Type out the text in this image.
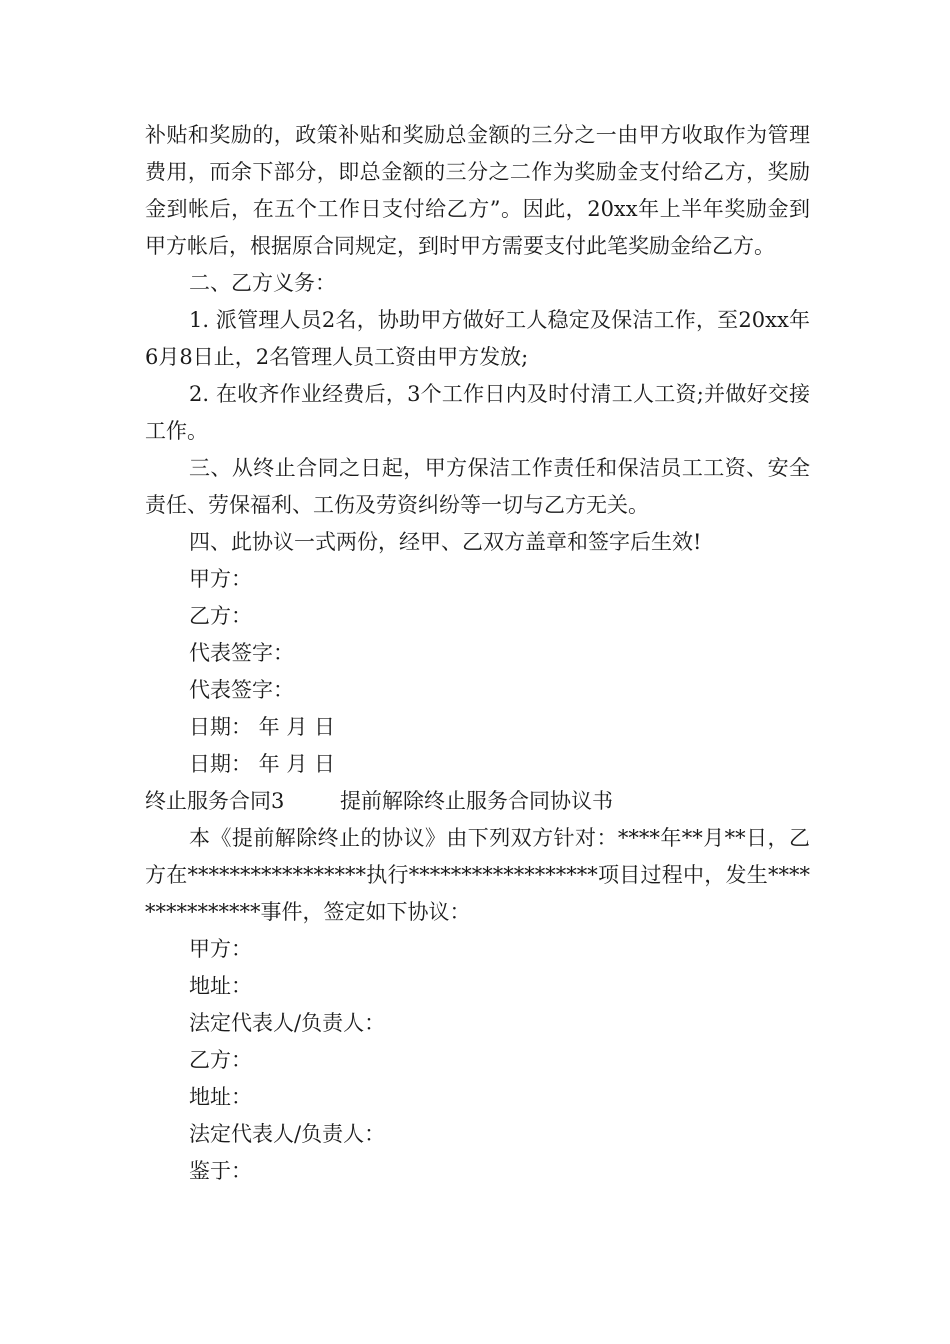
补贴和奖励的，政策补贴和奖励总金额的三分之一由甲方收取作为管理费用，而余下部分，即总金额的三分之二作为奖励金支付给乙方，奖励金到帐后，在五个工作日支付给乙方”。因此，20xx年上半年奖励金到甲方帐后，根据原合同规定，到时甲方需要支付此笔奖励金给乙方。

二、乙方义务：

1. 派管理人员2名，协助甲方做好工人稳定及保洁工作，至20xx年6月8日止，2名管理人员工资由甲方发放;

2. 在收齐作业经费后，3个工作日内及时付清工人工资;并做好交接工作。

三、从终止合同之日起，甲方保洁工作责任和保洁员工工资、安全责任、劳保福利、工伤及劳资纠纷等一切与乙方无关。

四、此协议一式两份，经甲、乙双方盖章和签字后生效!

甲方：

乙方：

代表签字：

代表签字：

日期： 年 月 日

日期： 年 月 日

终止服务合同3	提前解除终止服务合同协议书

本《提前解除终止的协议》由下列双方针对：****年**月**日，乙方在*****************执行******************项目过程中，发生***************事件，签定如下协议：

甲方：

地址：

法定代表人/负责人：

乙方：

地址：

法定代表人/负责人：

鉴于：
